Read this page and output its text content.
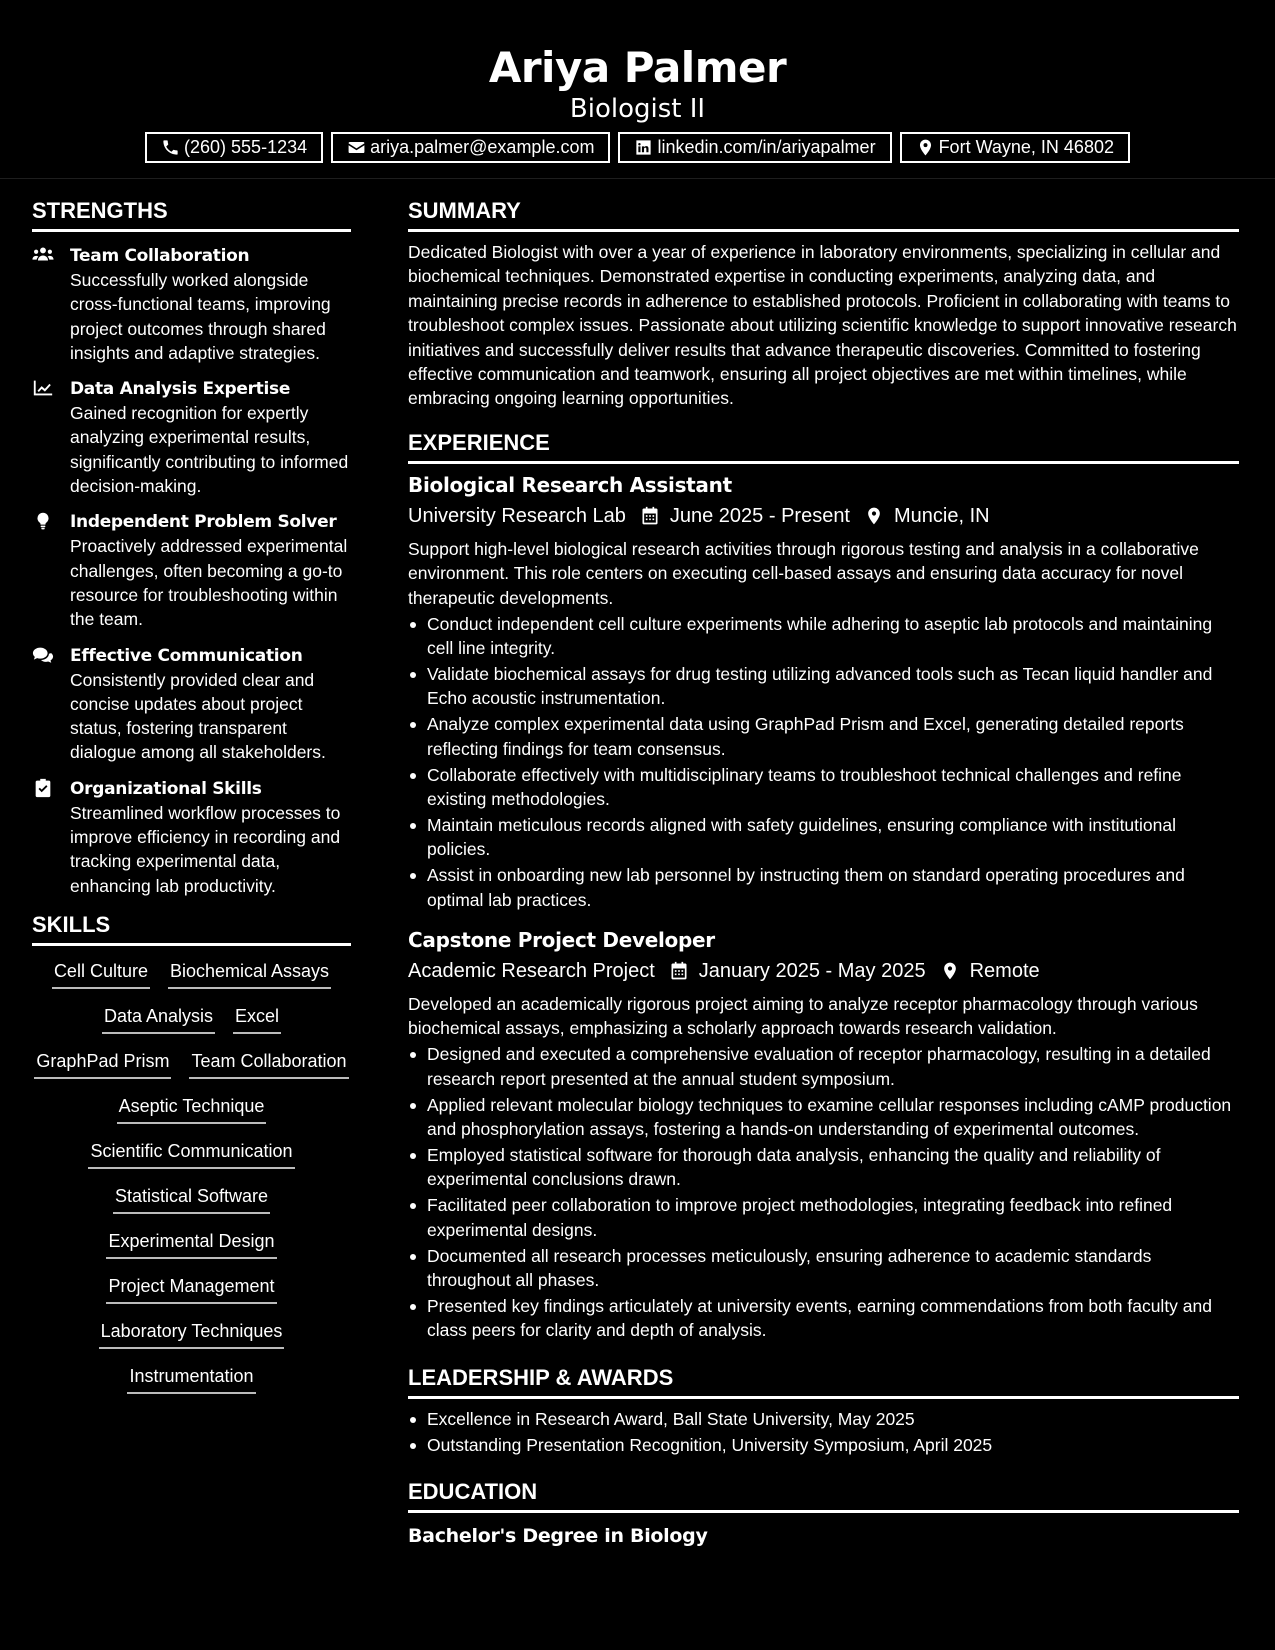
Ariya Palmer
Biologist II
(260) 555-1234	ariya.palmer@example.com	linkedin.com/in/ariyapalmer	Fort Wayne, IN 46802
STRENGTHS
Team Collaboration
Successfully worked alongside cross-functional teams, improving project outcomes through shared insights and adaptive strategies.
Data Analysis Expertise
Gained recognition for expertly analyzing experimental results, significantly contributing to informed decision-making.
Independent Problem Solver
Proactively addressed experimental challenges, often becoming a go-to resource for troubleshooting within the team.
Effective Communication
Consistently provided clear and concise updates about project status, fostering transparent dialogue among all stakeholders.
Organizational Skills
Streamlined workflow processes to improve efficiency in recording and tracking experimental data, enhancing lab productivity.
SKILLS
Cell Culture Biochemical Assays
Data Analysis Excel
GraphPad Prism Team Collaboration
Aseptic Technique
Scientific Communication
Statistical Software
Experimental Design
Project Management
Laboratory Techniques
Instrumentation
SUMMARY
Dedicated Biologist with over a year of experience in laboratory environments, specializing in cellular and biochemical techniques. Demonstrated expertise in conducting experiments, analyzing data, and maintaining precise records in adherence to established protocols. Proficient in collaborating with teams to troubleshoot complex issues. Passionate about utilizing scientific knowledge to support innovative research initiatives and successfully deliver results that advance therapeutic discoveries. Committed to fostering effective communication and teamwork, ensuring all project objectives are met within timelines, while embracing ongoing learning opportunities.
EXPERIENCE
Biological Research Assistant
University Research Lab June 2025 - Present Muncie, IN
Support high-level biological research activities through rigorous testing and analysis in a collaborative environment. This role centers on executing cell-based assays and ensuring data accuracy for novel therapeutic developments.
Conduct independent cell culture experiments while adhering to aseptic lab protocols and maintaining cell line integrity.
Validate biochemical assays for drug testing utilizing advanced tools such as Tecan liquid handler and Echo acoustic instrumentation.
Analyze complex experimental data using GraphPad Prism and Excel, generating detailed reports reflecting findings for team consensus.
Collaborate effectively with multidisciplinary teams to troubleshoot technical challenges and refine existing methodologies.
Maintain meticulous records aligned with safety guidelines, ensuring compliance with institutional policies.
Assist in onboarding new lab personnel by instructing them on standard operating procedures and optimal lab practices.
Capstone Project Developer
Academic Research Project January 2025 - May 2025 Remote
Developed an academically rigorous project aiming to analyze receptor pharmacology through various biochemical assays, emphasizing a scholarly approach towards research validation.
Designed and executed a comprehensive evaluation of receptor pharmacology, resulting in a detailed research report presented at the annual student symposium.
Applied relevant molecular biology techniques to examine cellular responses including cAMP production and phosphorylation assays, fostering a hands-on understanding of experimental outcomes.
Employed statistical software for thorough data analysis, enhancing the quality and reliability of experimental conclusions drawn.
Facilitated peer collaboration to improve project methodologies, integrating feedback into refined experimental designs.
Documented all research processes meticulously, ensuring adherence to academic standards throughout all phases.
Presented key findings articulately at university events, earning commendations from both faculty and class peers for clarity and depth of analysis.
LEADERSHIP & AWARDS
Excellence in Research Award, Ball State University, May 2025
Outstanding Presentation Recognition, University Symposium, April 2025
EDUCATION
Bachelor's Degree in Biology
